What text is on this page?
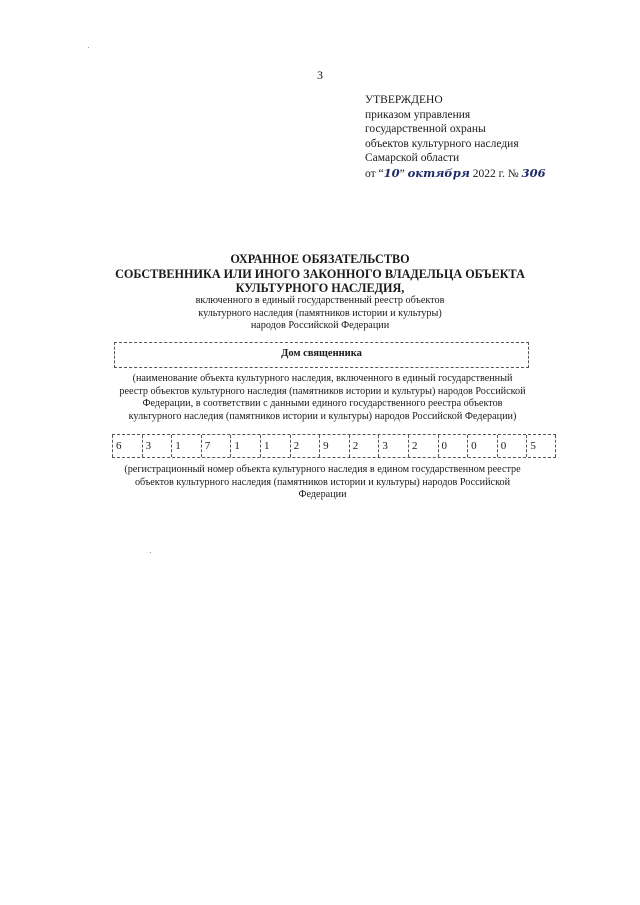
3
УТВЕРЖДЕНО
приказом управления
государственной охраны
объектов культурного наследия
Самарской области
от “10” октября 2022 г. № 306
ОХРАННОЕ ОБЯЗАТЕЛЬСТВО
СОБСТВЕННИКА ИЛИ ИНОГО ЗАКОННОГО ВЛАДЕЛЬЦА ОБЪЕКТА
КУЛЬТУРНОГО НАСЛЕДИЯ,
включенного в единый государственный реестр объектов
культурного наследия (памятников истории и культуры)
народов Российской Федерации
Дом священника
(наименование объекта культурного наследия, включенного в единый государственный
реестр объектов культурного наследия (памятников истории и культуры) народов Российской
Федерации, в соответствии с данными единого государственного реестра объектов
культурного наследия (памятников истории и культуры) народов Российской Федерации)
6	3	1	7	1	1	2	9	2	3	2	0	0	0	5
(регистрационный номер объекта культурного наследия в едином государственном реестре
объектов культурного наследия (памятников истории и культуры) народов Российской
Федерации
